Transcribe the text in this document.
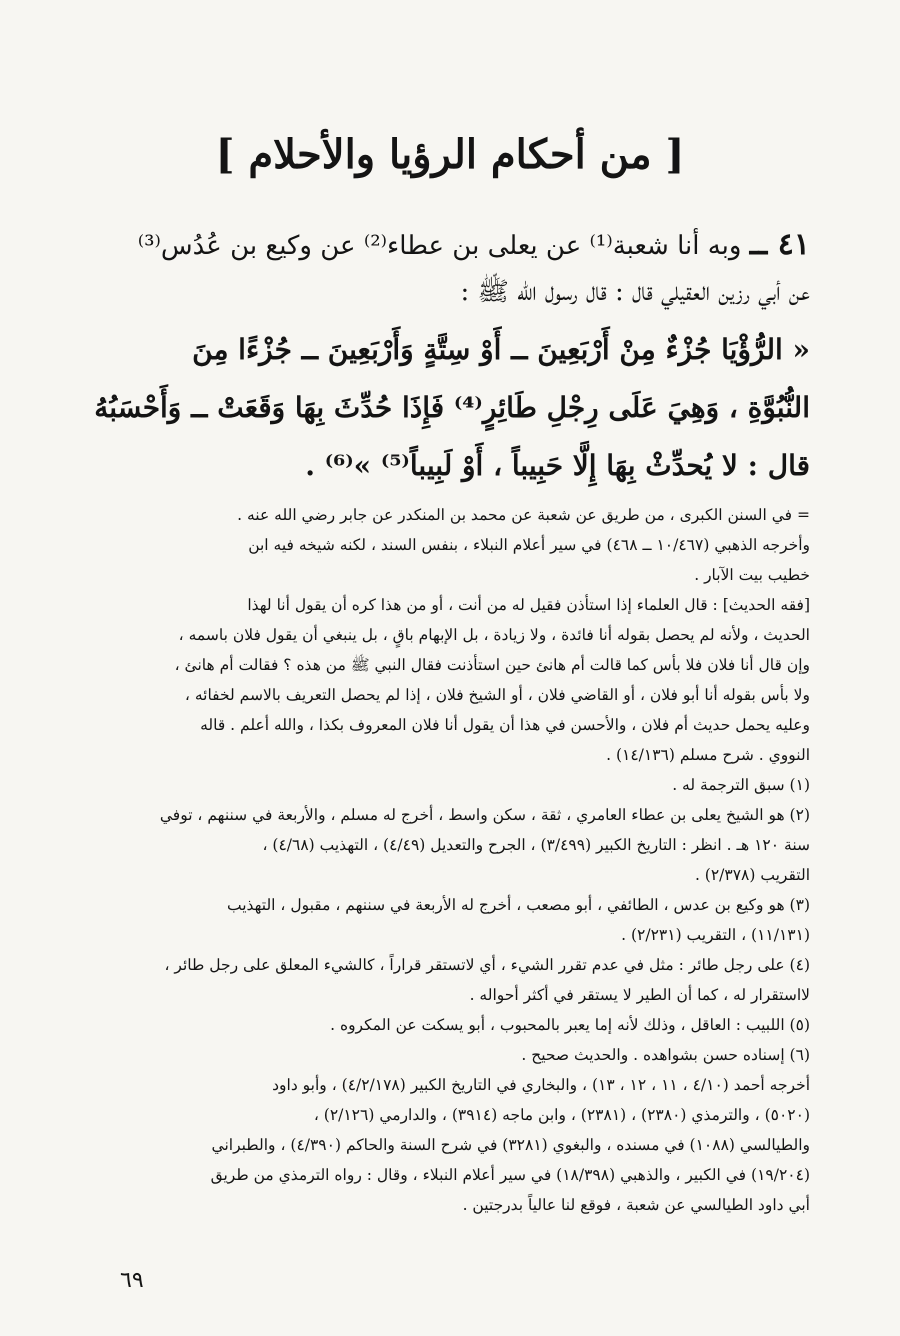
[ من أحكام الرؤيا والأحلام ]

٤١ ــ وبه أنا شعبة⁽¹⁾ عن يعلى بن عطاء⁽²⁾ عن وكيع بن عُدُس⁽³⁾

عن أبي رزين العقيلي قال : قال رسول الله ﷺ :

« الرُّؤْيَا جُزْءٌ مِنْ أَرْبَعِينَ ــ أَوْ سِتَّةٍ وَأَرْبَعِينَ ــ جُزْءًا مِنَ

النُّبُوَّةِ ، وَهِيَ عَلَى رِجْلِ طَائِرٍ⁽⁴⁾ فَإِذَا حُدِّثَ بِهَا وَقَعَتْ ــ وَأَحْسَبُهُ

قال : لا يُحدِّثْ بِهَا إِلَّا حَبِيباً ، أَوْ لَبِيباً⁽⁵⁾ »⁽⁶⁾ .

= في السنن الكبرى ، من طريق عن شعبة عن محمد بن المنكدر عن جابر رضي الله عنه .

وأخرجه الذهبي (١٠/٤٦٧ ــ ٤٦٨) في سير أعلام النبلاء ، بنفس السند ، لكنه شيخه فيه ابن

خطيب بيت الآبار .

[فقه الحديث] : قال العلماء إذا استأذن فقيل له من أنت ، أو من هذا كره أن يقول أنا لهذا

الحديث ، ولأنه لم يحصل بقوله أنا فائدة ، ولا زيادة ، بل الإبهام باقٍ ، بل ينبغي أن يقول فلان باسمه ،

وإن قال أنا فلان فلا بأس كما قالت أم هانئ حين استأذنت فقال النبي ﷺ من هذه ؟ فقالت أم هانئ ،

ولا بأس بقوله أنا أبو فلان ، أو القاضي فلان ، أو الشيخ فلان ، إذا لم يحصل التعريف بالاسم لخفائه ،

وعليه يحمل حديث أم فلان ، والأحسن في هذا أن يقول أنا فلان المعروف بكذا ، والله أعلم . قاله

النووي . شرح مسلم (١٤/١٣٦) .

(١) سبق الترجمة له .

(٢) هو الشيخ يعلى بن عطاء العامري ، ثقة ، سكن واسط ، أخرج له مسلم ، والأربعة في سننهم ، توفي

سنة ١٢٠ هـ . انظر : التاريخ الكبير (٣/٤٩٩) ، الجرح والتعديل (٤/٤٩) ، التهذيب (٤/٦٨) ،

التقريب (٢/٣٧٨) .

(٣) هو وكيع بن عدس ، الطائفي ، أبو مصعب ، أخرج له الأربعة في سننهم ، مقبول ، التهذيب

(١١/١٣١) ، التقريب (٢/٢٣١) .

(٤) على رجل طائر : مثل في عدم تقرر الشيء ، أي لاتستقر قراراً ، كالشيء المعلق على رجل طائر ،

لااستقرار له ، كما أن الطير لا يستقر في أكثر أحواله .

(٥) اللبيب : العاقل ، وذلك لأنه إما يعبر بالمحبوب ، أبو يسكت عن المكروه .

(٦) إسناده حسن بشواهده . والحديث صحيح .

أخرجه أحمد (٤/١٠ ، ١١ ، ١٢ ، ١٣) ، والبخاري في التاريخ الكبير (٤/٢/١٧٨) ، وأبو داود

(٥٠٢٠) ، والترمذي (٢٣٨٠) ، (٢٣٨١) ، وابن ماجه (٣٩١٤) ، والدارمي (٢/١٢٦) ،

والطيالسي (١٠٨٨) في مسنده ، والبغوي (٣٢٨١) في شرح السنة والحاكم (٤/٣٩٠) ، والطبراني

(١٩/٢٠٤) في الكبير ، والذهبي (١٨/٣٩٨) في سير أعلام النبلاء ، وقال : رواه الترمذي من طريق

أبي داود الطيالسي عن شعبة ، فوقع لنا عالياً بدرجتين .

٦٩
